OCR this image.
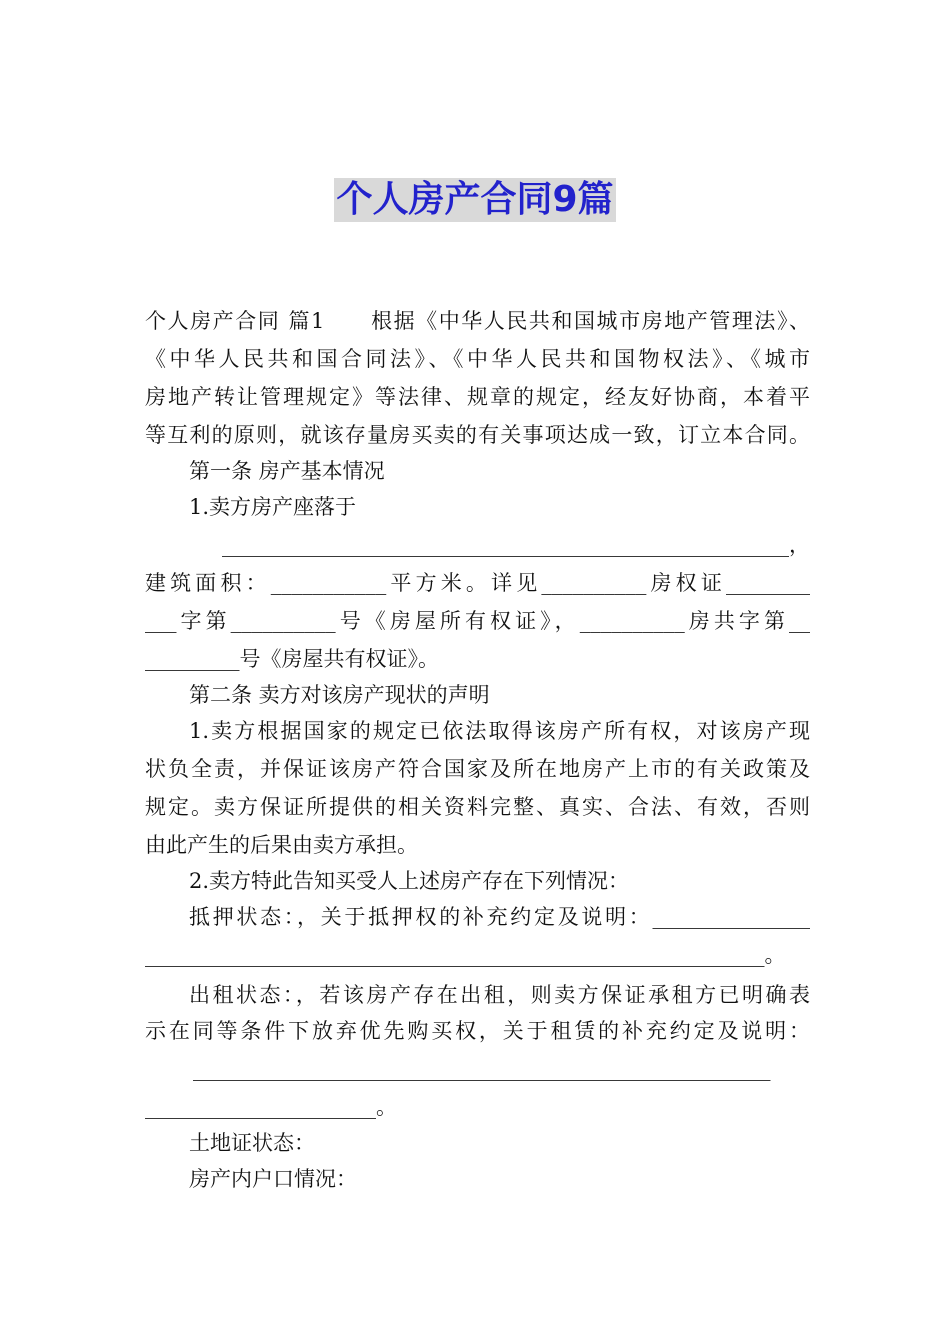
个人房产合同9篇
个人房产合同 篇1　　根据《中华人民共和国城市房地产管理法》、
《中华人民共和国合同法》、《中华人民共和国物权法》、《城市
房地产转让管理规定》等法律、规章的规定，经友好协商，本着平
等互利的原则，就该存量房买卖的有关事项达成一致，订立本合同。
第一条 房产基本情况
1.卖方房产座落于
______________________________________________________，
建筑面积：___________平方米。详见__________房权证________
___字第__________号《房屋所有权证》，__________房共字第__
_________号《房屋共有权证》。
第二条 卖方对该房产现状的声明
1.卖方根据国家的规定已依法取得该房产所有权，对该房产现
状负全责，并保证该房产符合国家及所在地房产上市的有关政策及
规定。卖方保证所提供的相关资料完整、真实、合法、有效，否则
由此产生的后果由卖方承担。
2.卖方特此告知买受人上述房产存在下列情况：
抵押状态：，关于抵押权的补充约定及说明：_______________
___________________________________________________________。
出租状态：，若该房产存在出租，则卖方保证承租方已明确表
示在同等条件下放弃优先购买权，关于租赁的补充约定及说明：
_______________________________________________________
______________________。
土地证状态：
房产内户口情况：
